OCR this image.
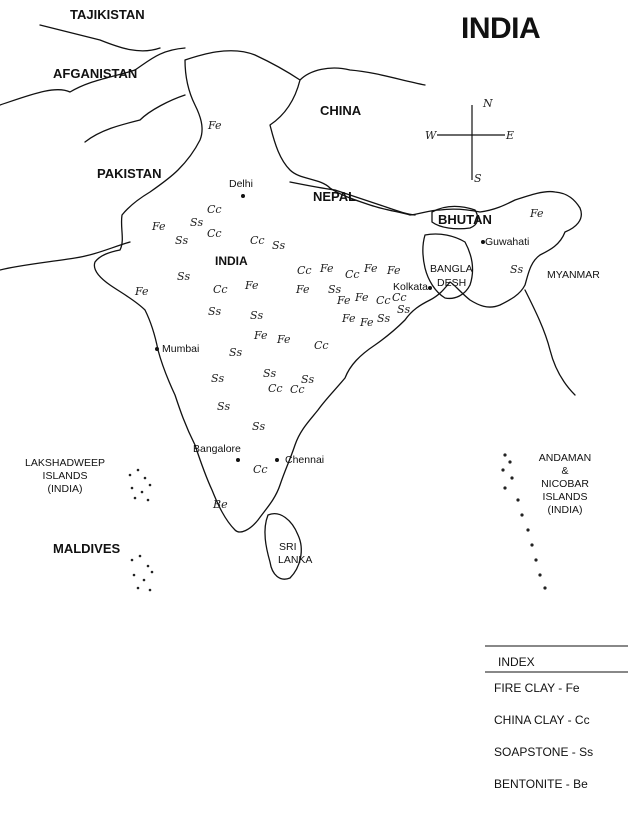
INDIA
TAJIKISTAN
AFGANISTAN
PAKISTAN
CHINA
NEPAL
BHUTAN
BANGLA
DESH
MYANMAR
INDIA
MALDIVES	SRI
LANKA
LAKSHADWEEP
ISLANDS
(INDIA)
ANDAMAN
&
NICOBAR
ISLANDS
(INDIA)
Delhi
Mumbai
Kolkata
Guwahati
Bangalore
Chennai
N
S
E
W
Fe
Fe Ss
Cc
Cc
Ss	Cc Ss
Ss
Fe	Cc Fe
Ss	Ss
Fe Fe
Ss
Cc
Cc Fe Cc Fe Fe
Fe Ss
Fe Fe Cc Cc
Fe Fe Ss
Ss
Ss	Ss
Cc Cc
Ss
Ss
Ss
Cc
Be
Fe
Ss
INDEX
FIRE CLAY - Fe
CHINA CLAY - Cc
SOAPSTONE - Ss
BENTONITE - Be
